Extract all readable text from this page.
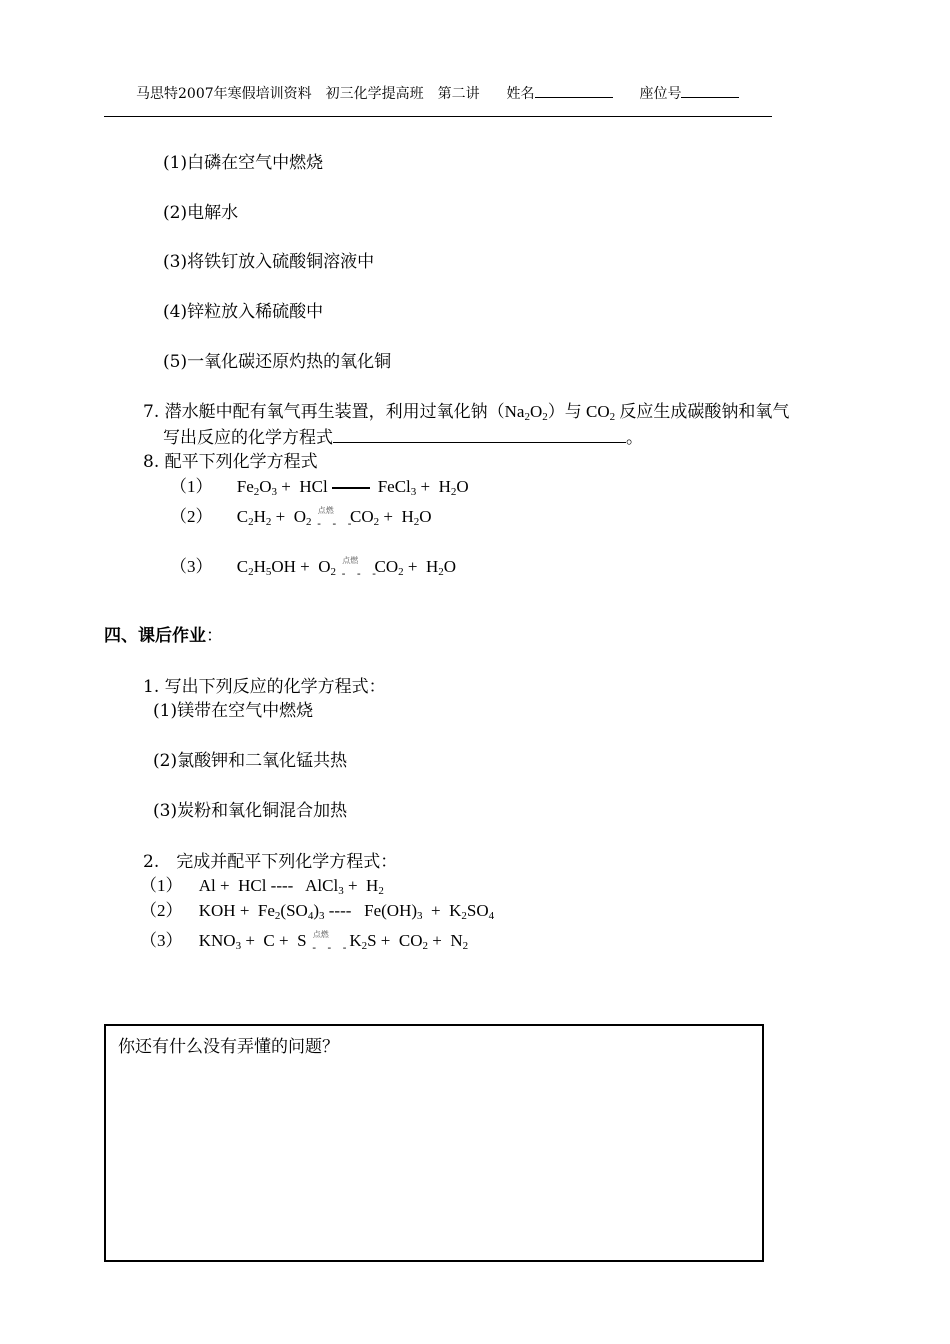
马思特2007年寒假培训资料　初三化学提高班　第二讲 姓名	座位号
(1)白磷在空气中燃烧
(2)电解水
(3)将铁钉放入硫酸铜溶液中
(4)锌粒放入稀硫酸中
(5)一氧化碳还原灼热的氧化铜
7. 潜水艇中配有氧气再生装置，利用过氧化钠$(Na_2O_2)$与 $CO_2$ 反应生成碳酸钠和氧气
写出反应的化学方程式	。
8. 配平下列化学方程式
（1） $Fe_2O_3$ +  HCl	FeCl$_3$ +  $H_2O$
（2） $C_2H_2 + O_2$
点燃
- - -
$CO_2 + H_2O$
（3） $C_2H_5OH + O_2$
点燃
- - -
$CO_2 + H_2O$
四、课后作业：
1. 写出下列反应的化学方程式：
(1)镁带在空气中燃烧
(2)氯酸钾和二氧化锰共热
(3)炭粉和氧化铜混合加热
2.　完成并配平下列化学方程式：
（1） Al +  HCl ----   AlCl$_3$ +  $H_2$
（2） KOH +  $Fe_2(SO_4)_3$ ----   $Fe(OH)_3 + K_2SO_4$
（3） $KNO_3 + C + S$ 点燃
- - -
$K_2S + CO_2 + N_2$
你还有什么没有弄懂的问题？
